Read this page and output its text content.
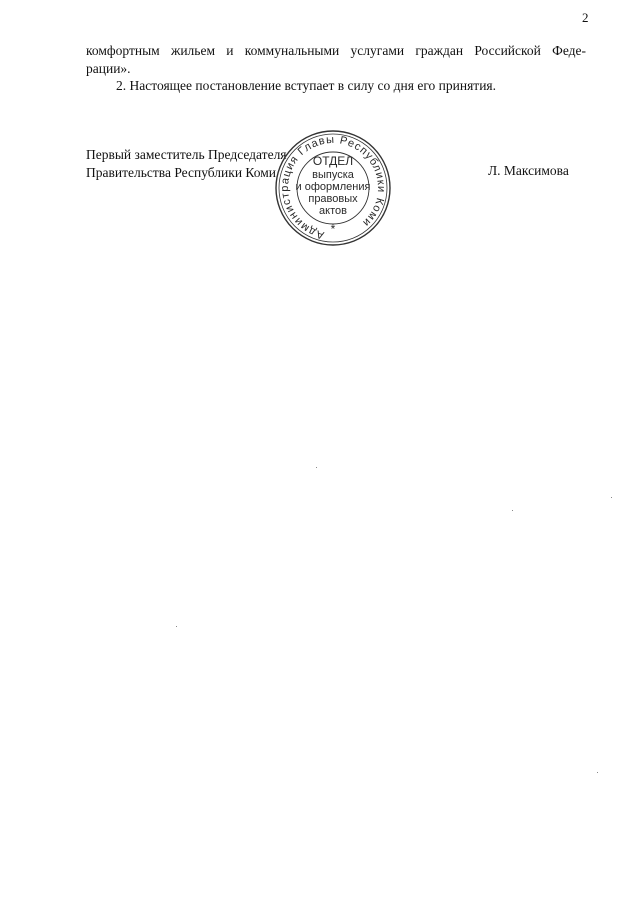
2

комфортным жильем и коммунальными услугами граждан Российской Феде-
рации».

2. Настоящее постановление вступает в силу со дня его принятия.

Первый заместитель Председателя
Правительства Республики Коми	Л. Максимова
Администрация Главы Республики Коми
ОТДЕЛ
выпуска
и оформления
правовых
актов
*
